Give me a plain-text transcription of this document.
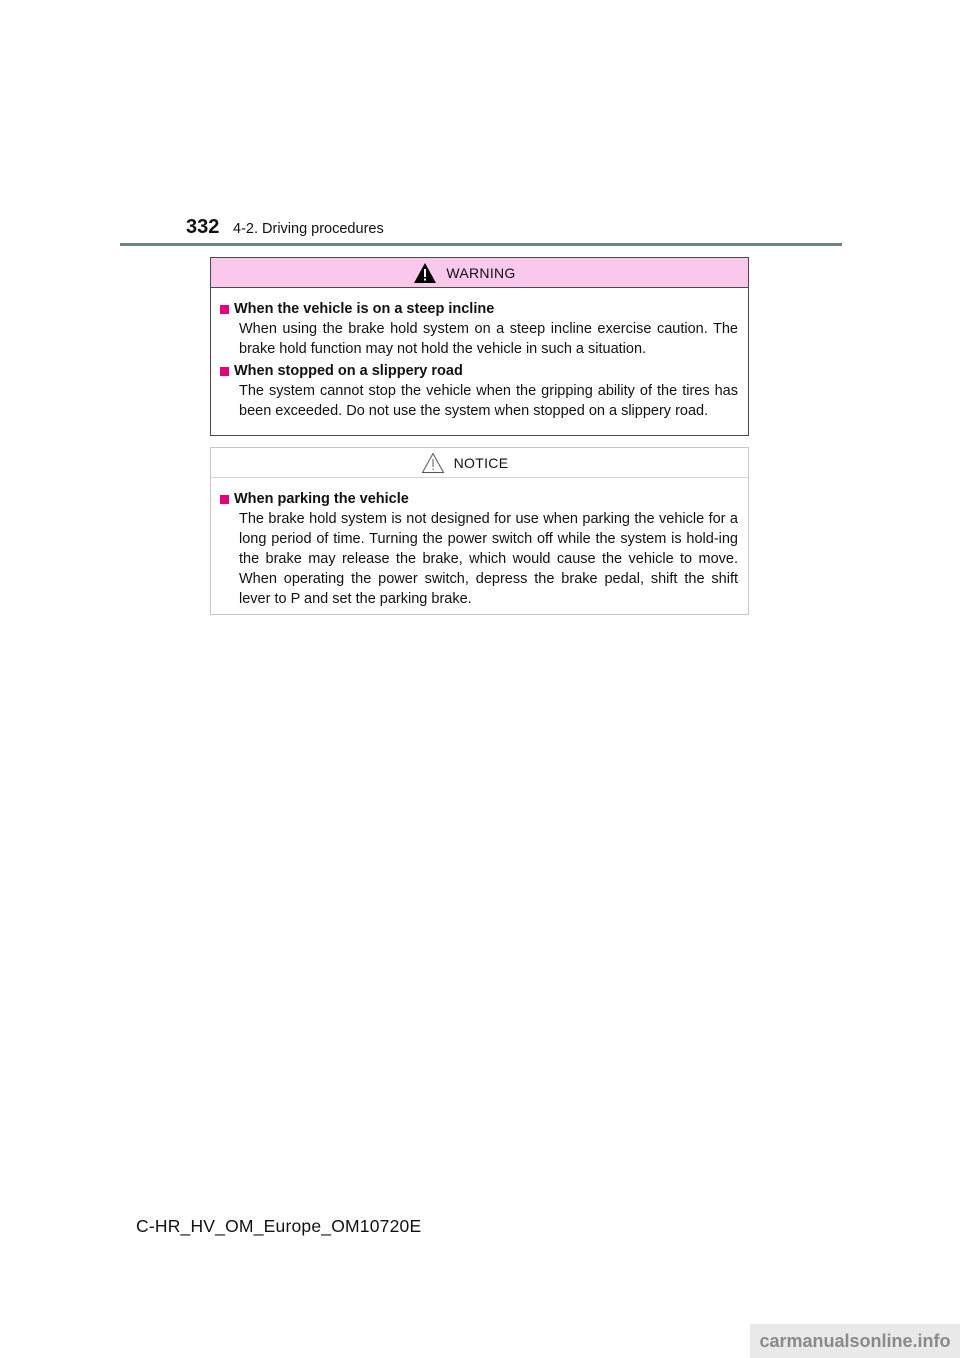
332 4-2. Driving procedures
WARNING
When the vehicle is on a steep incline
When using the brake hold system on a steep incline exercise caution. The brake hold function may not hold the vehicle in such a situation.
When stopped on a slippery road
The system cannot stop the vehicle when the gripping ability of the tires has been exceeded. Do not use the system when stopped on a slippery road.
NOTICE
When parking the vehicle
The brake hold system is not designed for use when parking the vehicle for a long period of time. Turning the power switch off while the system is hold-ing the brake may release the brake, which would cause the vehicle to move. When operating the power switch, depress the brake pedal, shift the shift lever to P and set the parking brake.
C-HR_HV_OM_Europe_OM10720E
carmanualsonline.info
